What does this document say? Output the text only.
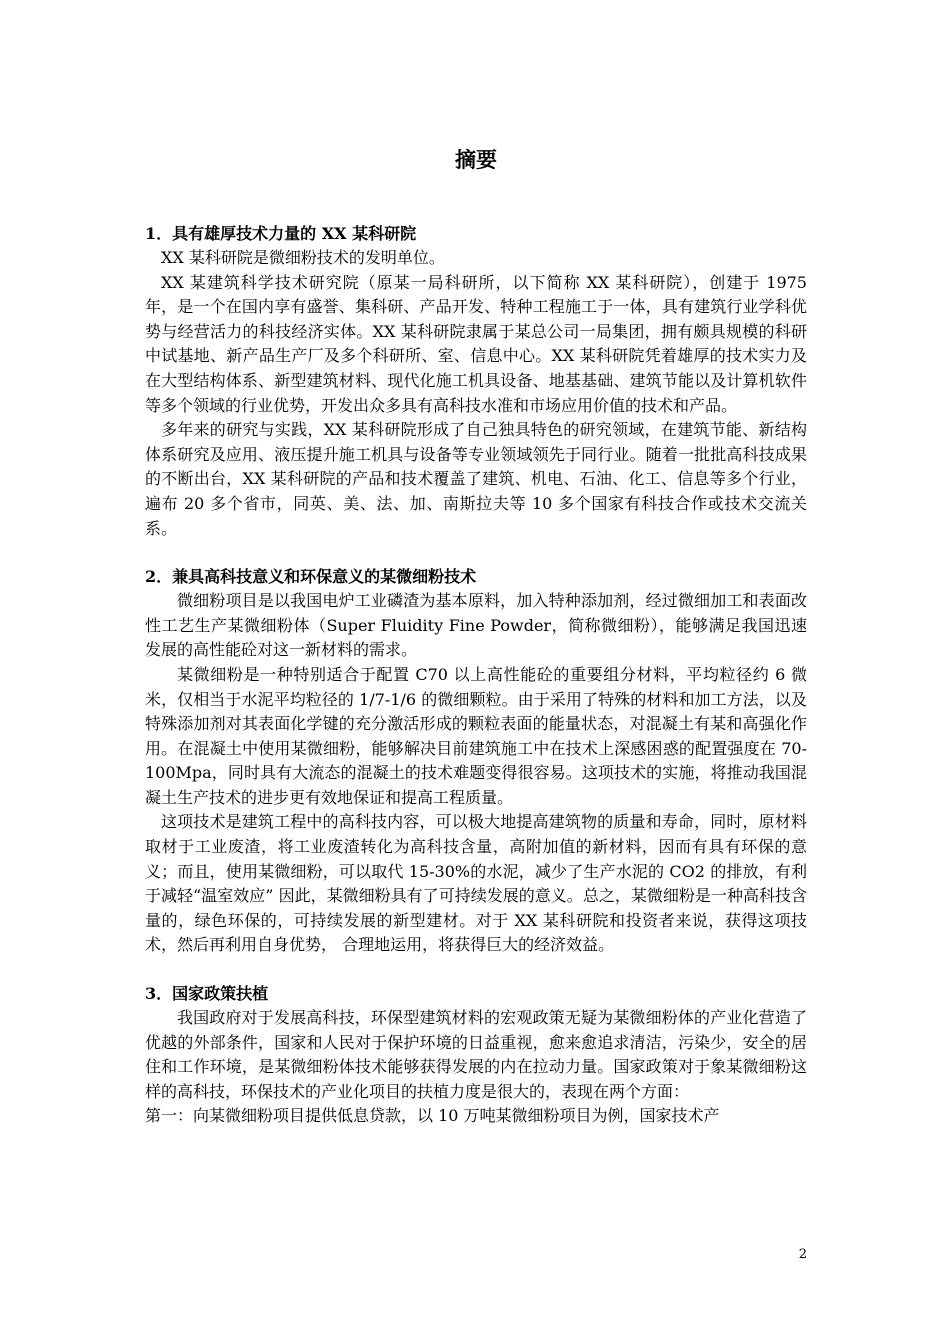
摘要

1．具有雄厚技术力量的 XX 某科研院

XX 某科研院是微细粉技术的发明单位。

XX 某建筑科学技术研究院（原某一局科研所，以下简称 XX 某科研院），创建于 1975 年，是一个在国内享有盛誉、集科研、产品开发、特种工程施工于一体，具有建筑行业学科优势与经营活力的科技经济实体。XX 某科研院隶属于某总公司一局集团，拥有颇具规模的科研中试基地、新产品生产厂及多个科研所、室、信息中心。XX 某科研院凭着雄厚的技术实力及在大型结构体系、新型建筑材料、现代化施工机具设备、地基基础、建筑节能以及计算机软件等多个领域的行业优势，开发出众多具有高科技水准和市场应用价值的技术和产品。

多年来的研究与实践，XX 某科研院形成了自己独具特色的研究领域，在建筑节能、新结构体系研究及应用、液压提升施工机具与设备等专业领域领先于同行业。随着一批批高科技成果的不断出台，XX 某科研院的产品和技术覆盖了建筑、机电、石油、化工、信息等多个行业，遍布 20 多个省市，同英、美、法、加、南斯拉夫等 10 多个国家有科技合作或技术交流关系。

2．兼具高科技意义和环保意义的某微细粉技术

微细粉项目是以我国电炉工业磷渣为基本原料，加入特种添加剂，经过微细加工和表面改性工艺生产某微细粉体（Super Fluidity Fine Powder，简称微细粉），能够满足我国迅速发展的高性能砼对这一新材料的需求。

某微细粉是一种特别适合于配置 C70 以上高性能砼的重要组分材料，平均粒径约 6 微米，仅相当于水泥平均粒径的 1/7-1/6 的微细颗粒。由于采用了特殊的材料和加工方法，以及特殊添加剂对其表面化学键的充分激活形成的颗粒表面的能量状态，对混凝土有某和高强化作用。在混凝土中使用某微细粉，能够解决目前建筑施工中在技术上深感困惑的配置强度在 70-100Mpa，同时具有大流态的混凝土的技术难题变得很容易。这项技术的实施，将推动我国混凝土生产技术的进步更有效地保证和提高工程质量。

这项技术是建筑工程中的高科技内容，可以极大地提高建筑物的质量和寿命，同时，原材料取材于工业废渣，将工业废渣转化为高科技含量，高附加值的新材料，因而有具有环保的意义；而且，使用某微细粉，可以取代 15-30%的水泥，减少了生产水泥的 CO2 的排放，有利于减轻“温室效应” 因此，某微细粉具有了可持续发展的意义。总之，某微细粉是一种高科技含量的，绿色环保的，可持续发展的新型建材。对于 XX 某科研院和投资者来说，获得这项技术，然后再利用自身优势， 合理地运用，将获得巨大的经济效益。

3．国家政策扶植

我国政府对于发展高科技，环保型建筑材料的宏观政策无疑为某微细粉体的产业化营造了优越的外部条件，国家和人民对于保护环境的日益重视，愈来愈追求清洁，污染少，安全的居住和工作环境，是某微细粉体技术能够获得发展的内在拉动力量。国家政策对于象某微细粉这样的高科技，环保技术的产业化项目的扶植力度是很大的，表现在两个方面：

第一：向某微细粉项目提供低息贷款，以 10 万吨某微细粉项目为例，国家技术产

2
